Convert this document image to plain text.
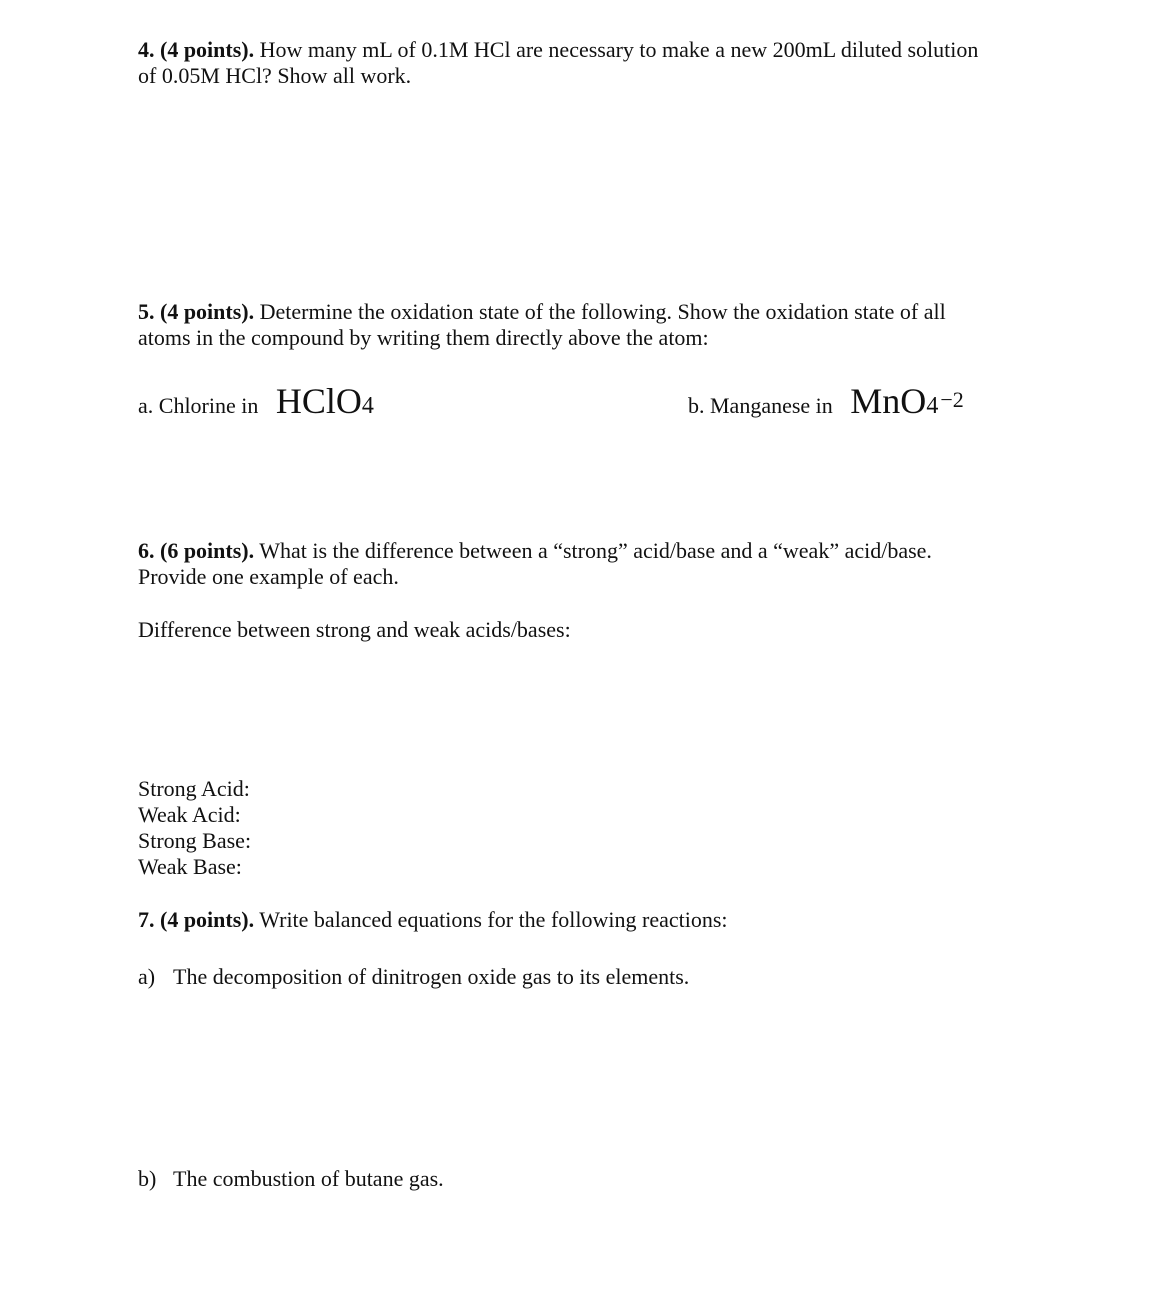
4. (4 points). How many mL of 0.1M HCl are necessary to make a new 200mL diluted solution

of 0.05M HCl? Show all work.

5. (4 points). Determine the oxidation state of the following. Show the oxidation state of all

atoms in the compound by writing them directly above the atom:

a. Chlorine in HClO4	b. Manganese in MnO4 −2

6. (6 points). What is the difference between a “strong” acid/base and a “weak” acid/base.

Provide one example of each.

Difference between strong and weak acids/bases:

Strong Acid:

Weak Acid:

Strong Base:

Weak Base:

7. (4 points). Write balanced equations for the following reactions:

a) The decomposition of dinitrogen oxide gas to its elements.

b) The combustion of butane gas.
